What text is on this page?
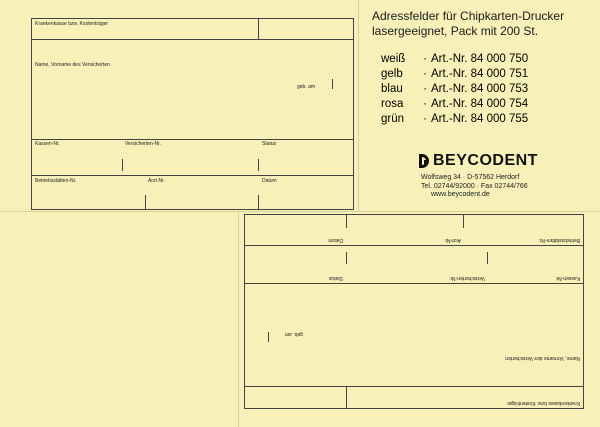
Krankenkasse bzw. Kostenträger
Name, Vorname des Versicherten
geb. am
Kassen-Nr.	Versicherten-Nr.	Status
Betriebsstätten-Nr.	Arzt-Nr.	Datum
Krankenkasse bzw. Kostenträger
Name, Vorname des Versicherten
geb. am
Kassen-Nr.
Versicherten-Nr.
Status
Betriebsstätten-Nr.
Arzt-Nr.
Datum
Adressfelder für Chipkarten-Drucker
lasergeeignet, Pack mit 200 St.
weiß	· Art.-Nr. 84 000 750
gelb	· Art.-Nr. 84 000 751
blau	· Art.-Nr. 84 000 753
rosa	· Art.-Nr. 84 000 754
grün	· Art.-Nr. 84 000 755
BEYCODENT
Wolfsweg 34 · D-57562 Herdorf
Tel. 02744/92000 · Fax 02744/766
www.beycodent.de
